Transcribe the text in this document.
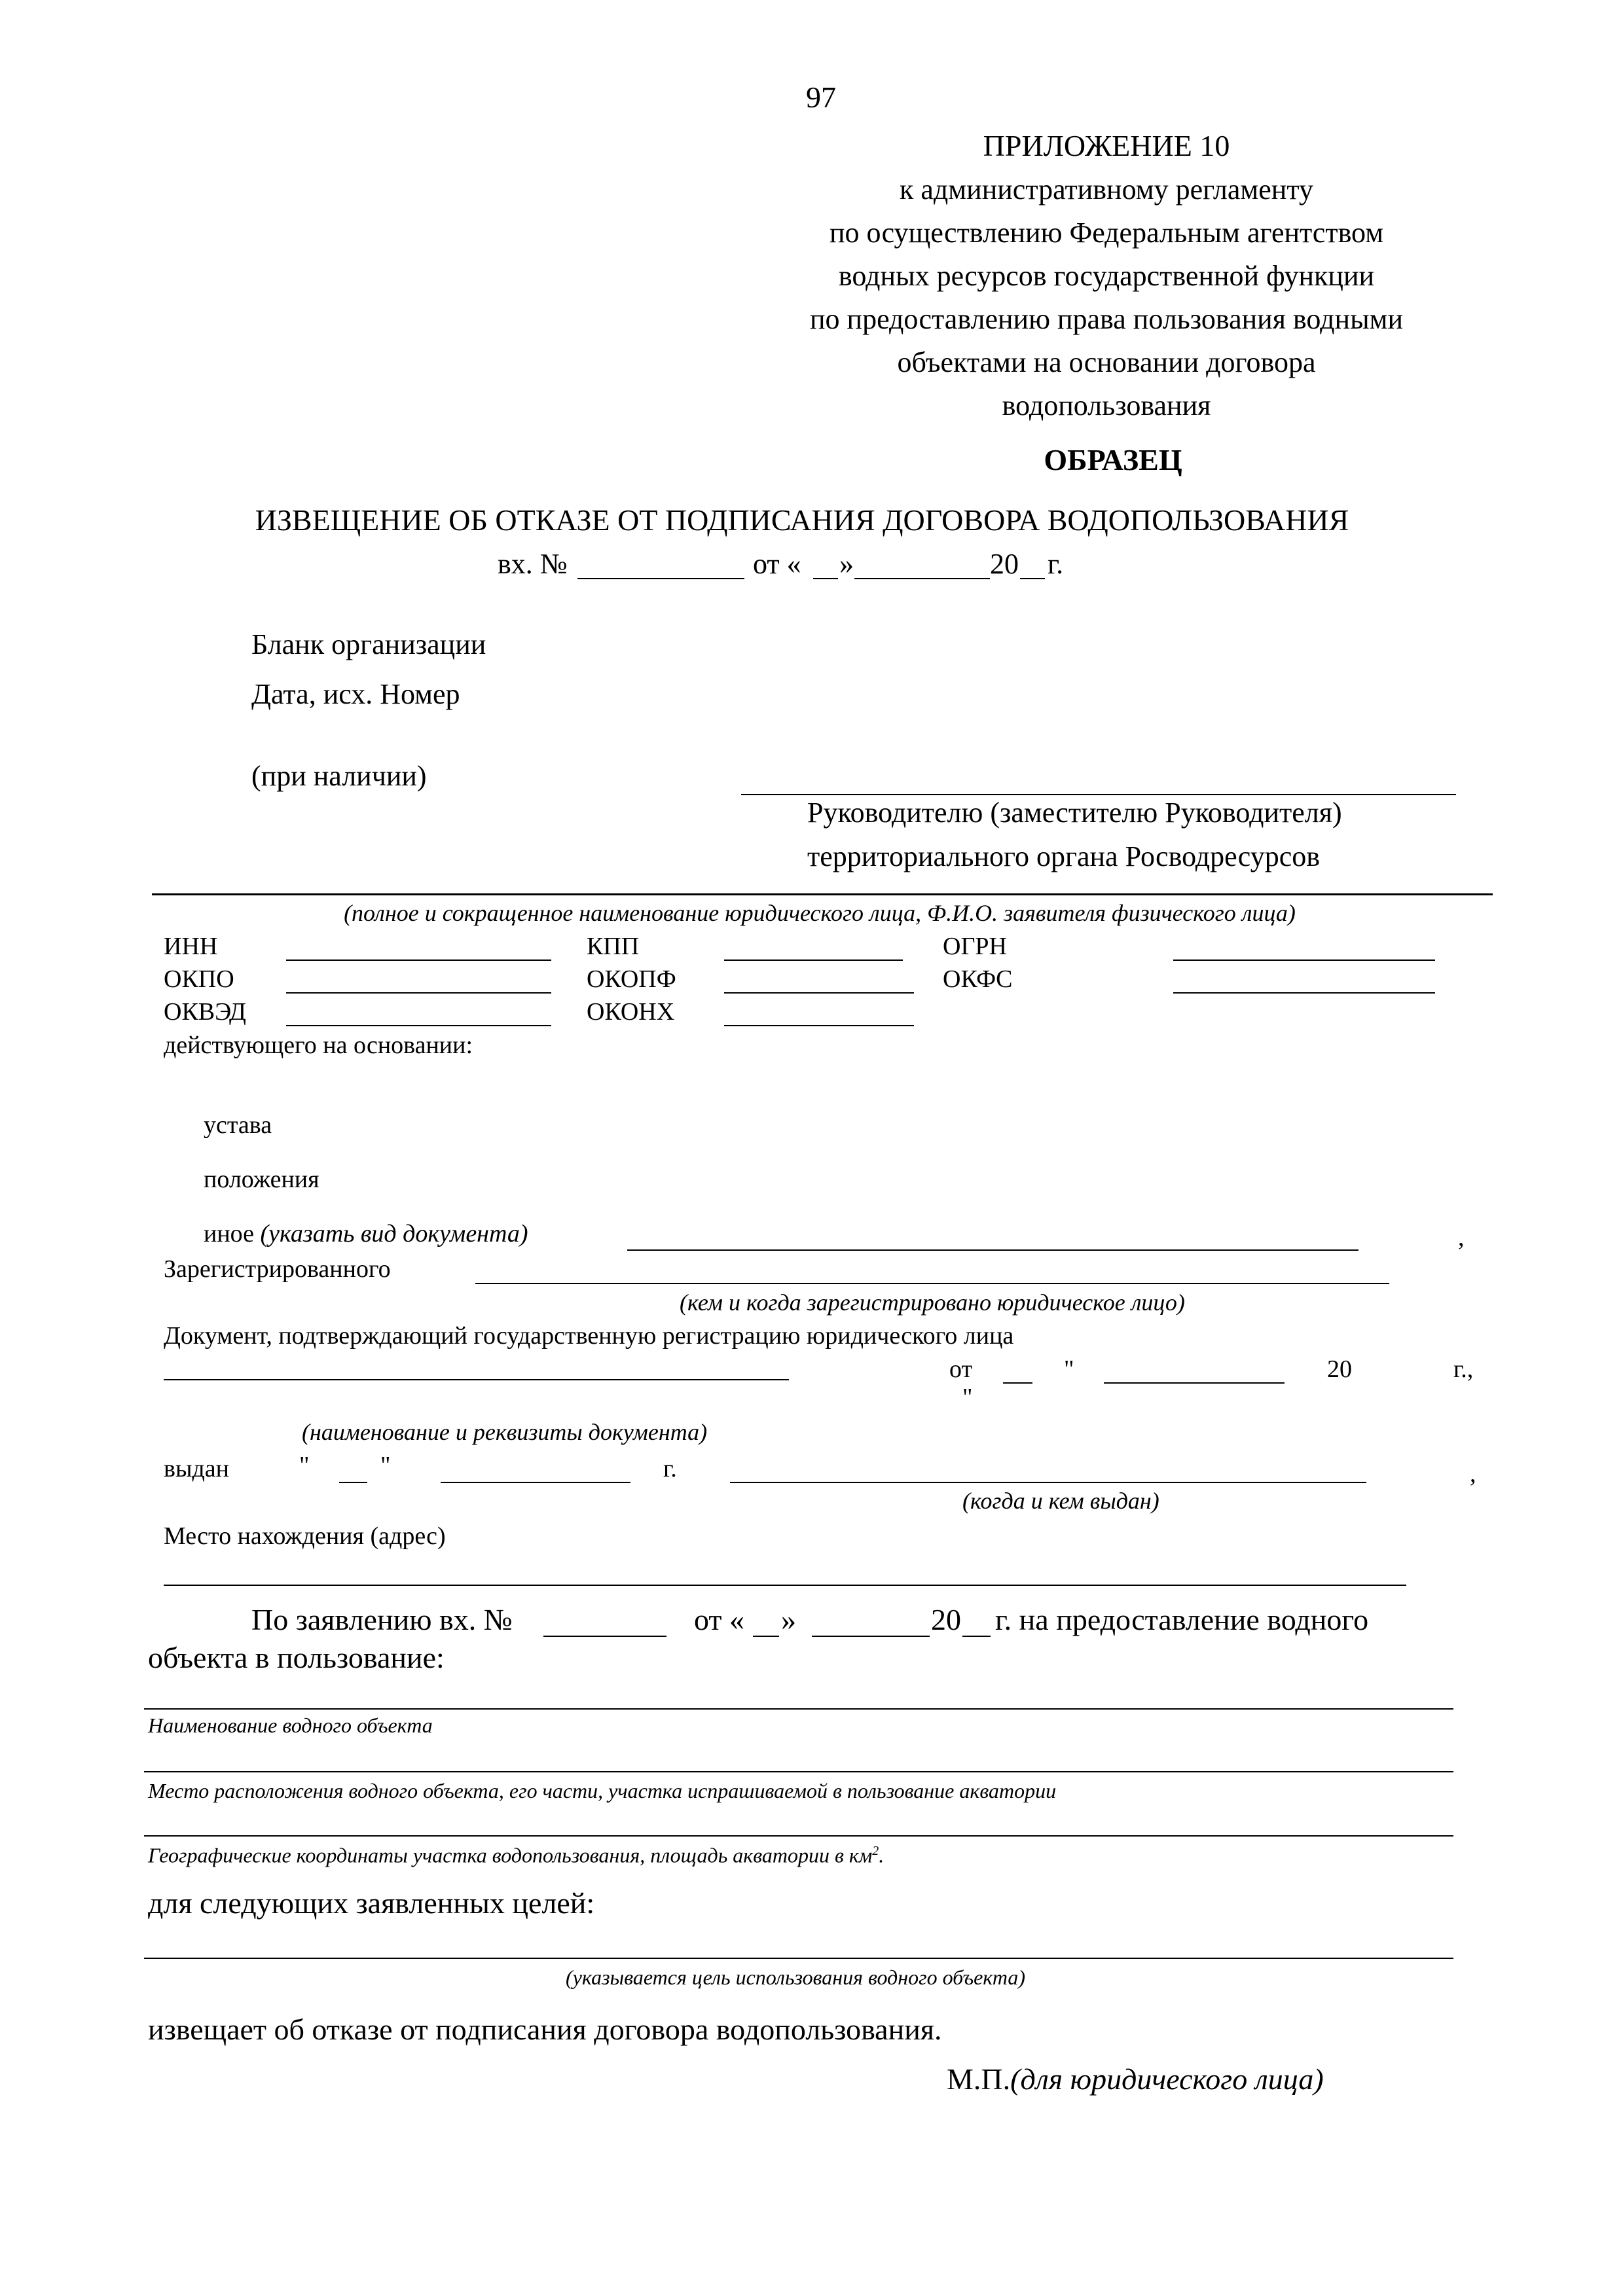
97
ПРИЛОЖЕНИЕ 10
к административному регламенту
по осуществлению Федеральным агентством
водных ресурсов государственной функции
по предоставлению права пользования водными
объектами на основании договора
водопользования
ОБРАЗЕЦ
ИЗВЕЩЕНИЕ ОБ ОТКАЗЕ ОТ ПОДПИСАНИЯ ДОГОВОРА ВОДОПОЛЬЗОВАНИЯ
вх. №	от « »	20 г.
Бланк организации
Дата, исх. Номер
(при наличии)
Руководителю (заместителю Руководителя)
территориального органа Росводресурсов
(полное и сокращенное наименование юридического лица, Ф.И.О. заявителя физического лица)
ИНН	КПП	ОГРН
ОКПО	ОКОПФ	ОКФС
ОКВЭД	ОКОНХ
действующего на основании:
устава
положения
иное (указать вид документа)	,
Зарегистрированного
(кем и когда зарегистрировано юридическое лицо)
Документ, подтверждающий государственную регистрацию юридического лица
от	"
"
20	г.,
(наименование и реквизиты документа)
выдан	"	"	г.	,
(когда и кем выдан)
Место нахождения (адрес)
По заявлению вх. №	от « »	20 г. на предоставление водного
объекта в пользование:
Наименование водного объекта
Место расположения водного объекта, его части, участка испрашиваемой в пользование акватории
Географические координаты участка водопользования, площадь акватории в $км^2$.
для следующих заявленных целей:
(указывается цель использования водного объекта)
извещает об отказе от подписания договора водопользования.
М.П.(для юридического лица)
